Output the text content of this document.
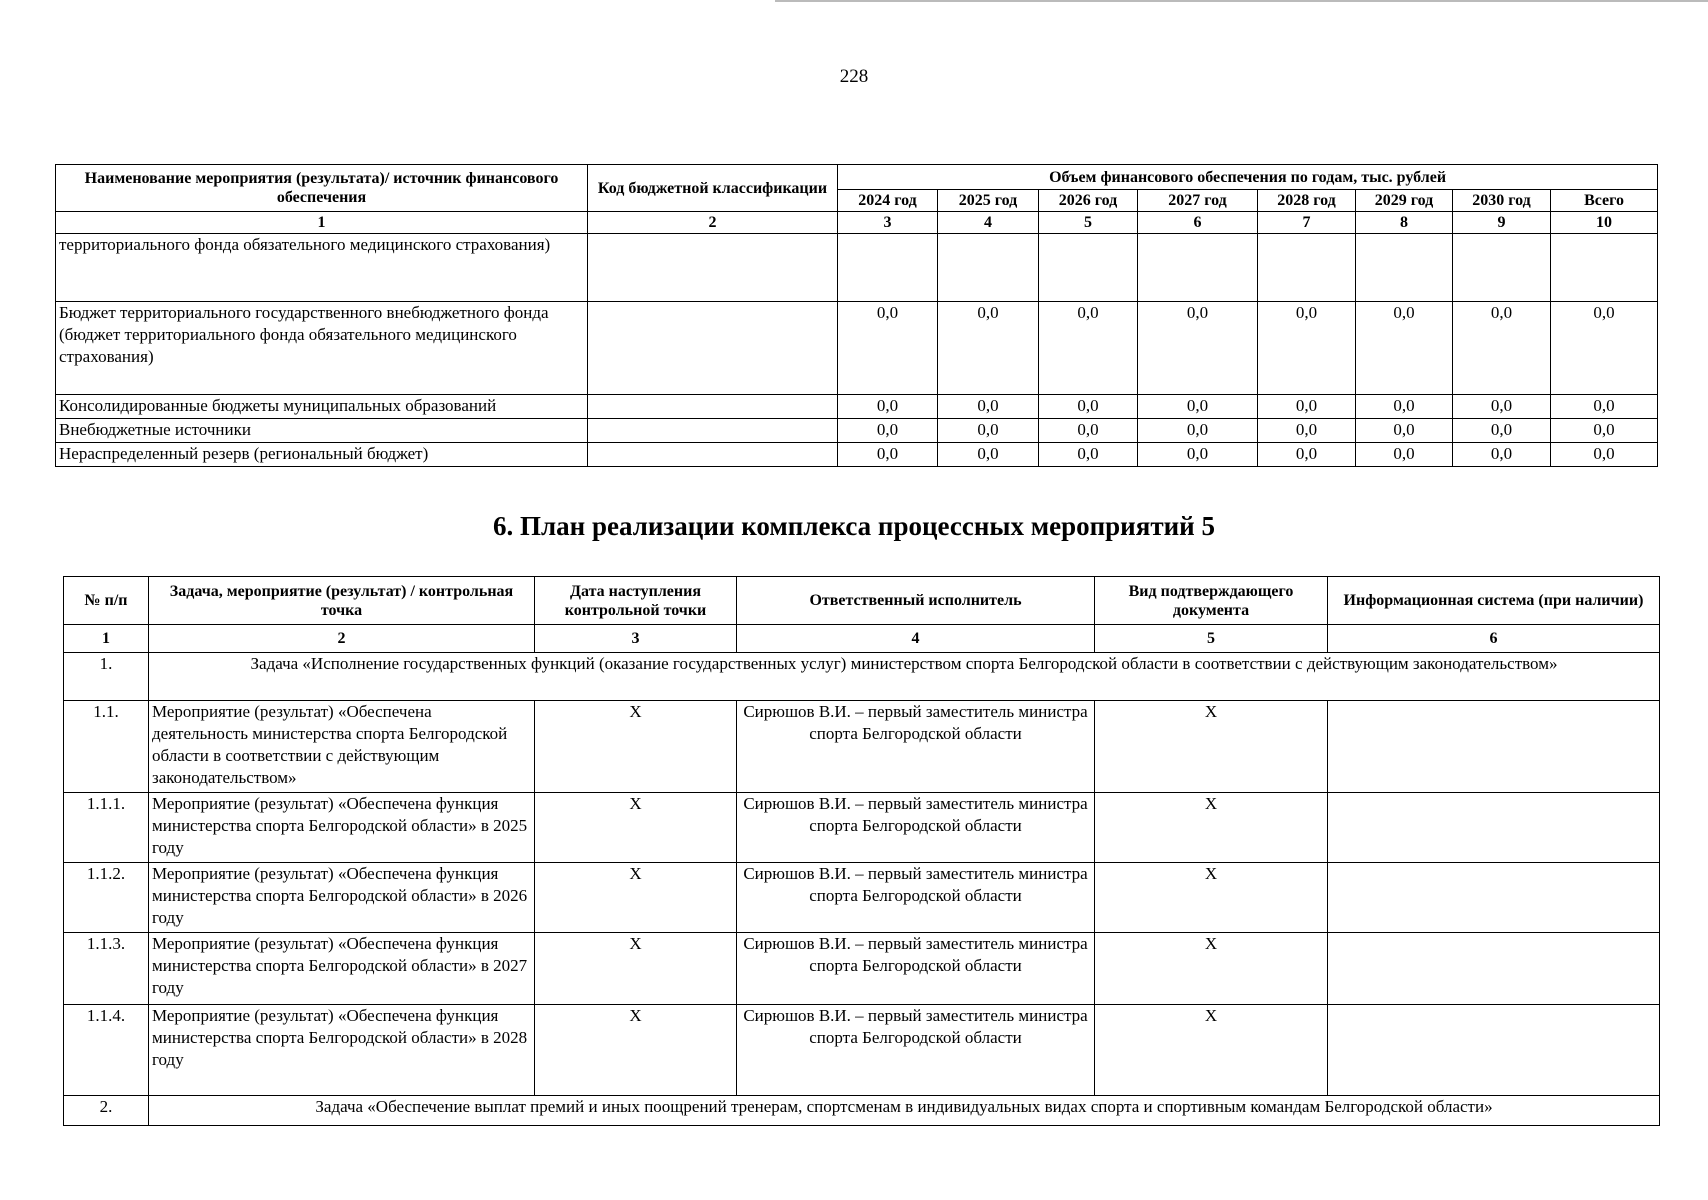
228
Наименование мероприятия (результата)/ источник финансового обеспечения	Код бюджетной классификации	Объем финансового обеспечения по годам, тыс. рублей							
		2024 год	2025 год	2026 год	2027 год	2028 год	2029 год	2030 год	Всего
1	2	3	4	5	6	7	8	9	10
территориального фонда обязательного медицинского страхования)									
Бюджет территориального государственного внебюджетного фонда (бюджет территориального фонда обязательного медицинского страхования)		0,0	0,0	0,0	0,0	0,0	0,0	0,0	0,0
Консолидированные бюджеты муниципальных образований		0,0	0,0	0,0	0,0	0,0	0,0	0,0	0,0
Внебюджетные источники		0,0	0,0	0,0	0,0	0,0	0,0	0,0	0,0
Нераспределенный резерв (региональный бюджет)		0,0	0,0	0,0	0,0	0,0	0,0	0,0	0,0
6. План реализации комплекса процессных мероприятий 5
№ п/п	Задача, мероприятие (результат) / контрольная точка	Дата наступления контрольной точки	Ответственный исполнитель	Вид подтверждающего документа	Информационная система (при наличии)
1	2	3	4	5	6
1.	Задача «Исполнение государственных функций (оказание государственных услуг) министерством спорта Белгородской области в соответствии с действующим законодательством»				
1.1.	Мероприятие (результат) «Обеспечена деятельность министерства спорта Белгородской области в соответствии с действующим законодательством»	X	Сирюшов В.И. – первый заместитель министра спорта Белгородской области	X	
1.1.1.	Мероприятие (результат) «Обеспечена функция министерства спорта Белгородской области» в 2025 году	X	Сирюшов В.И. – первый заместитель министра спорта Белгородской области	X	
1.1.2.	Мероприятие (результат) «Обеспечена функция министерства спорта Белгородской области» в 2026 году	X	Сирюшов В.И. – первый заместитель министра спорта Белгородской области	X	
1.1.3.	Мероприятие (результат) «Обеспечена функция министерства спорта Белгородской области» в 2027 году	X	Сирюшов В.И. – первый заместитель министра спорта Белгородской области	X	
1.1.4.	Мероприятие (результат) «Обеспечена функция министерства спорта Белгородской области» в 2028 году	X	Сирюшов В.И. – первый заместитель министра спорта Белгородской области	X	
2.	Задача «Обеспечение выплат премий и иных поощрений тренерам, спортсменам в индивидуальных видах спорта и спортивным командам Белгородской области»				
